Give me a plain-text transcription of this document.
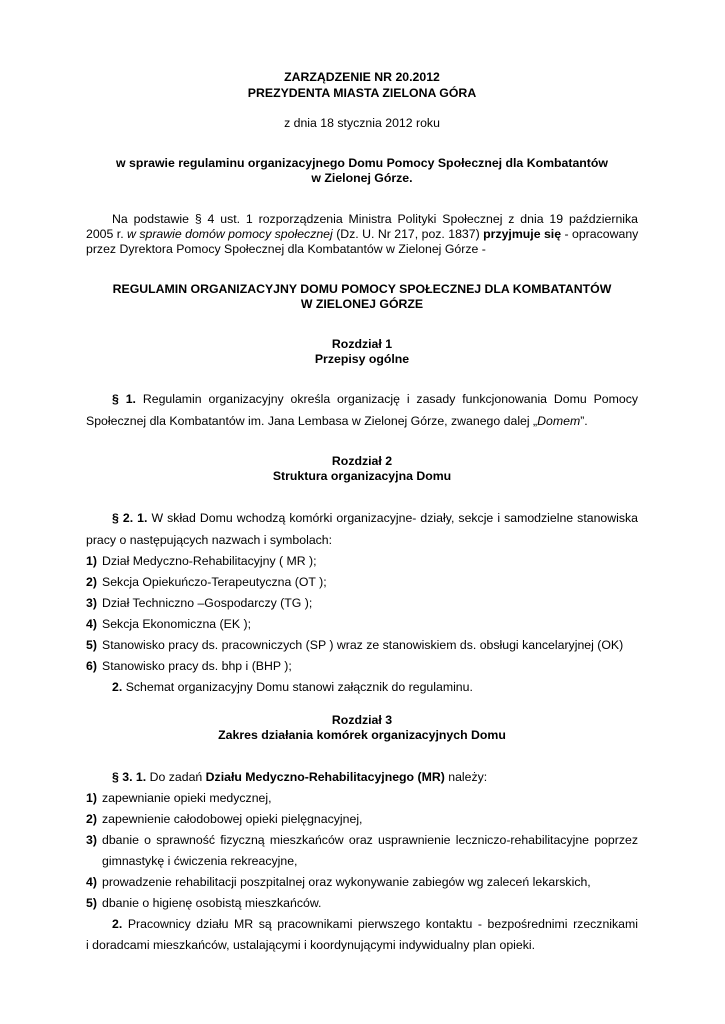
ZARZĄDZENIE NR 20.2012
PREZYDENTA MIASTA ZIELONA GÓRA
z dnia 18 stycznia 2012 roku
w sprawie regulaminu organizacyjnego Domu Pomocy Społecznej dla Kombatantów
w Zielonej Górze.
Na podstawie § 4 ust. 1 rozporządzenia Ministra Polityki Społecznej z dnia 19 października
2005 r. w sprawie domów pomocy społecznej (Dz. U. Nr 217, poz. 1837) przyjmuje się - opracowany
przez Dyrektora Pomocy Społecznej dla Kombatantów w Zielonej Górze -
REGULAMIN ORGANIZACYJNY DOMU POMOCY SPOŁECZNEJ DLA KOMBATANTÓW
W ZIELONEJ GÓRZE
Rozdział 1
Przepisy ogólne
§ 1. Regulamin organizacyjny określa organizację i zasady funkcjonowania Domu Pomocy
Społecznej dla Kombatantów im. Jana Lembasa w Zielonej Górze, zwanego dalej „Domem”.
Rozdział 2
Struktura organizacyjna Domu
§ 2. 1. W skład Domu wchodzą komórki organizacyjne- działy, sekcje i samodzielne stanowiska
pracy o następujących nazwach i symbolach:
1) Dział Medyczno-Rehabilitacyjny ( MR );
2) Sekcja Opiekuńczo-Terapeutyczna (OT );
3) Dział Techniczno –Gospodarczy (TG );
4) Sekcja Ekonomiczna (EK );
5) Stanowisko pracy ds. pracowniczych (SP ) wraz ze stanowiskiem ds. obsługi kancelaryjnej (OK)
6) Stanowisko pracy ds. bhp i (BHP );
2. Schemat organizacyjny Domu stanowi załącznik do regulaminu.
Rozdział 3
Zakres działania komórek organizacyjnych Domu
§ 3. 1. Do zadań Działu Medyczno-Rehabilitacyjnego (MR) należy:
1) zapewnianie opieki medycznej,
2) zapewnienie całodobowej opieki pielęgnacyjnej,
3) dbanie o sprawność fizyczną mieszkańców oraz usprawnienie leczniczo-rehabilitacyjne poprzez
gimnastykę i ćwiczenia rekreacyjne,
4) prowadzenie rehabilitacji poszpitalnej oraz wykonywanie zabiegów wg zaleceń lekarskich,
5) dbanie o higienę osobistą mieszkańców.
2. Pracownicy działu MR są pracownikami pierwszego kontaktu - bezpośrednimi rzecznikami
i doradcami mieszkańców, ustalającymi i koordynującymi indywidualny plan opieki.
